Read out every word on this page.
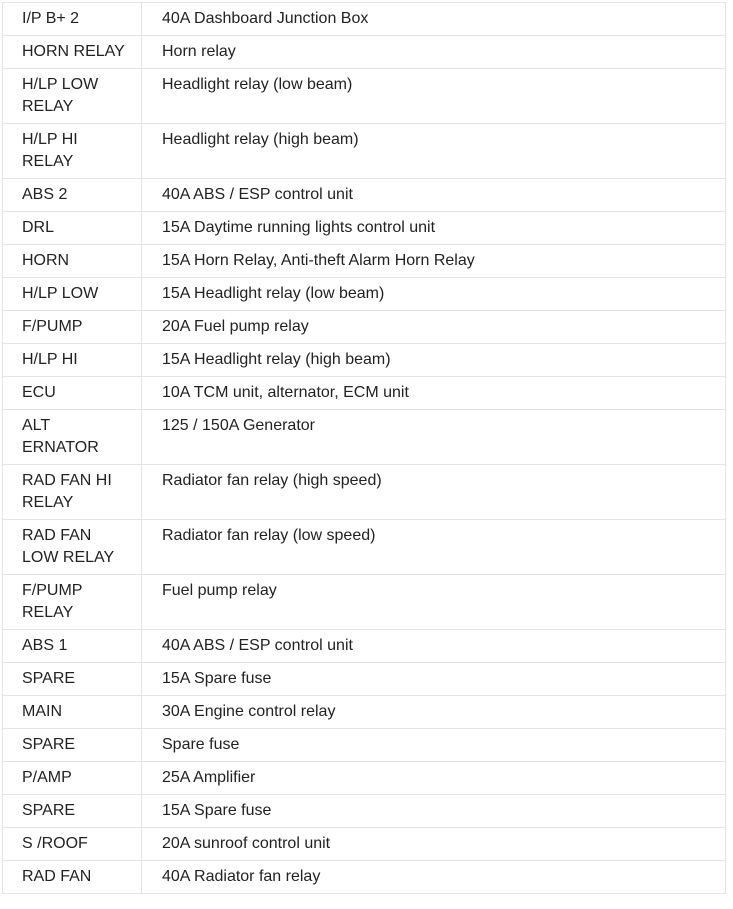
I/P B+ 2	40A Dashboard Junction Box
HORN RELAY	Horn relay
H/LP LOW
RELAY	Headlight relay (low beam)
H/LP HI
RELAY	Headlight relay (high beam)
ABS 2	40A ABS / ESP control unit
DRL	15A Daytime running lights control unit
HORN	15A Horn Relay, Anti-theft Alarm Horn Relay
H/LP LOW	15A Headlight relay (low beam)
F/PUMP	20A Fuel pump relay
H/LP HI	15A Headlight relay (high beam)
ECU	10A TCM unit, alternator, ECM unit
ALT
ERNATOR	125 / 150A Generator
RAD FAN HI
RELAY	Radiator fan relay (high speed)
RAD FAN
LOW RELAY	Radiator fan relay (low speed)
F/PUMP
RELAY	Fuel pump relay
ABS 1	40A ABS / ESP control unit
SPARE	15A Spare fuse
MAIN	30A Engine control relay
SPARE	Spare fuse
P/AMP	25A Amplifier
SPARE	15A Spare fuse
S /ROOF	20A sunroof control unit
RAD FAN	40A Radiator fan relay
